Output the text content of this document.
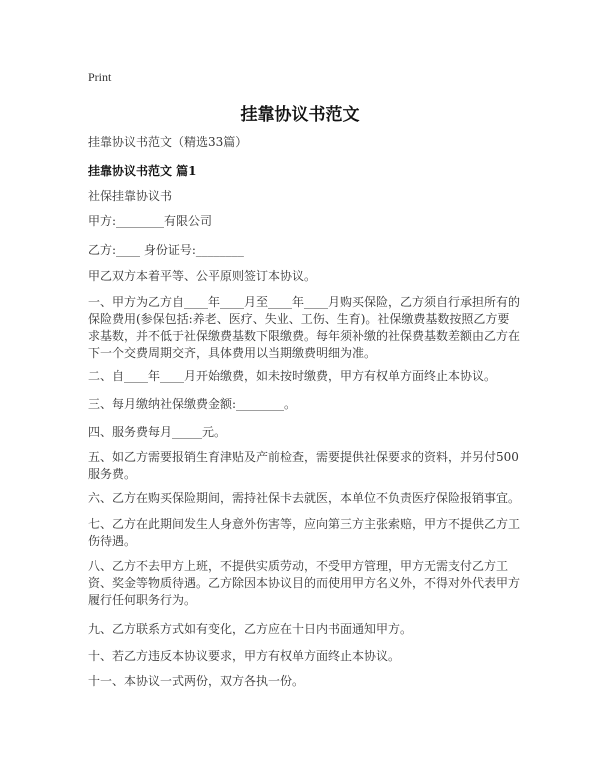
Print
挂靠协议书范文

挂靠协议书范文（精选33篇）

挂靠协议书范文 篇1

社保挂靠协议书

甲方:________有限公司

乙方:____ 身份证号:________

甲乙双方本着平等、公平原则签订本协议。

一、甲方为乙方自____年____月至____年____月购买保险，乙方须自行承担所有的保险费用(参保包括:养老、医疗、失业、工伤、生育)。社保缴费基数按照乙方要求基数，并不低于社保缴费基数下限缴费。每年须补缴的社保费基数差额由乙方在下一个交费周期交齐，具体费用以当期缴费明细为准。

二、自____年____月开始缴费，如未按时缴费，甲方有权单方面终止本协议。

三、每月缴纳社保缴费金额:________。

四、服务费每月_____元。

五、如乙方需要报销生育津贴及产前检查，需要提供社保要求的资料，并另付500服务费。

六、乙方在购买保险期间，需持社保卡去就医，本单位不负责医疗保险报销事宜。

七、乙方在此期间发生人身意外伤害等，应向第三方主张索赔，甲方不提供乙方工伤待遇。

八、乙方不去甲方上班，不提供实质劳动，不受甲方管理，甲方无需支付乙方工资、奖金等物质待遇。乙方除因本协议目的而使用甲方名义外，不得对外代表甲方履行任何职务行为。

九、乙方联系方式如有变化，乙方应在十日内书面通知甲方。

十、若乙方违反本协议要求，甲方有权单方面终止本协议。

十一、本协议一式两份，双方各执一份。
